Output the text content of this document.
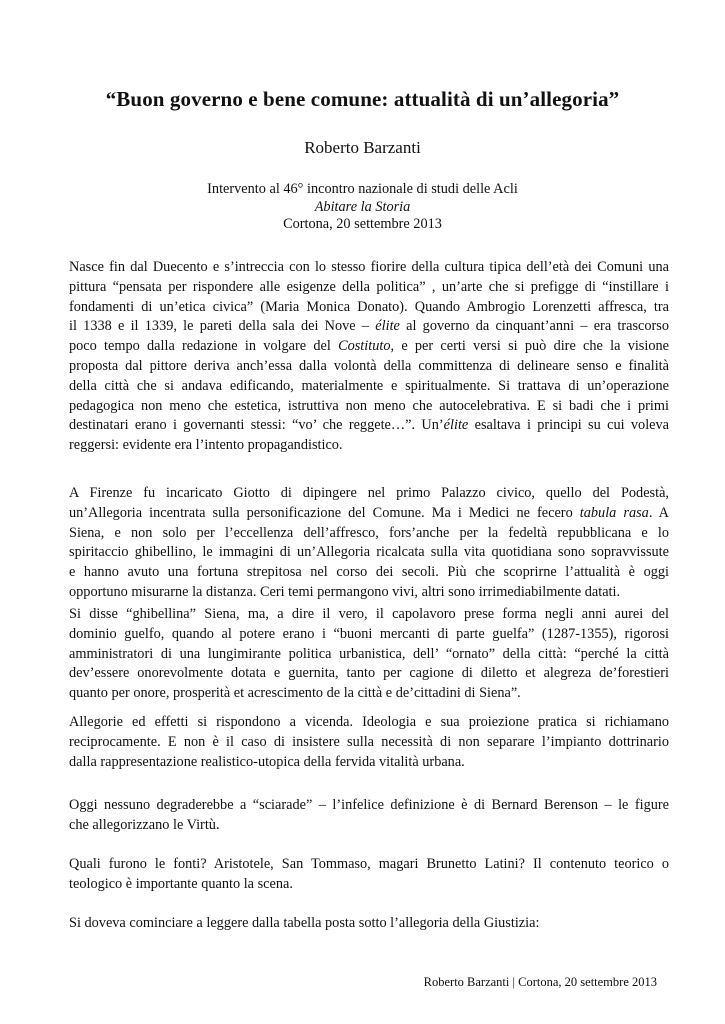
“Buon governo e bene comune: attualità di un’allegoria”
Roberto Barzanti
Intervento al 46° incontro nazionale di studi delle Acli
Abitare la Storia
Cortona, 20 settembre 2013
Nasce fin dal Duecento e s’intreccia con lo stesso fiorire della cultura tipica dell’età dei Comuni una
pittura “pensata per rispondere alle esigenze della politica” , un’arte che si prefigge di “instillare i
fondamenti di un’etica civica” (Maria Monica Donato). Quando Ambrogio Lorenzetti affresca, tra
il 1338 e il 1339, le pareti della sala dei Nove – élite al governo da cinquant’anni – era trascorso
poco tempo dalla redazione in volgare del Costituto, e per certi versi si può dire che la visione
proposta dal pittore deriva anch’essa dalla volontà della committenza di delineare senso e finalità
della città che si andava edificando, materialmente e spiritualmente. Si trattava di un’operazione
pedagogica non meno che estetica, istruttiva non meno che autocelebrativa. E si badi che i primi
destinatari erano i governanti stessi: “vo’ che reggete…”. Un’élite esaltava i principi su cui voleva
reggersi: evidente era l’intento propagandistico.
A Firenze fu incaricato Giotto di dipingere nel primo Palazzo civico, quello del Podestà,
un’Allegoria incentrata sulla personificazione del Comune. Ma i Medici ne fecero tabula rasa. A
Siena, e non solo per l’eccellenza dell’affresco, fors’anche per la fedeltà repubblicana e lo
spiritaccio ghibellino, le immagini di un’Allegoria ricalcata sulla vita quotidiana sono sopravvissute
e hanno avuto una fortuna strepitosa nel corso dei secoli. Più che scoprirne l’attualità è oggi
opportuno misurarne la distanza. Ceri temi permangono vivi, altri sono irrimediabilmente datati.
Si disse “ghibellina” Siena, ma, a dire il vero, il capolavoro prese forma negli anni aurei del
dominio guelfo, quando al potere erano i “buoni mercanti di parte guelfa” (1287-1355), rigorosi
amministratori di una lungimirante politica urbanistica, dell’ “ornato” della città: “perché la città
dev’essere onorevolmente dotata e guernita, tanto per cagione di diletto et alegreza de’forestieri
quanto per onore, prosperità et acrescimento de la città e de’cittadini di Siena”.
Allegorie ed effetti si rispondono a vicenda. Ideologia e sua proiezione pratica si richiamano
reciprocamente. E non è il caso di insistere sulla necessità di non separare l’impianto dottrinario
dalla rappresentazione realistico-utopica della fervida vitalità urbana.
Oggi nessuno degraderebbe a “sciarade” – l’infelice definizione è di Bernard Berenson – le figure
che allegorizzano le Virtù.
Quali furono le fonti? Aristotele, San Tommaso, magari Brunetto Latini? Il contenuto teorico o
teologico è importante quanto la scena.
Si doveva cominciare a leggere dalla tabella posta sotto l’allegoria della Giustizia:
Roberto Barzanti | Cortona, 20 settembre 2013
